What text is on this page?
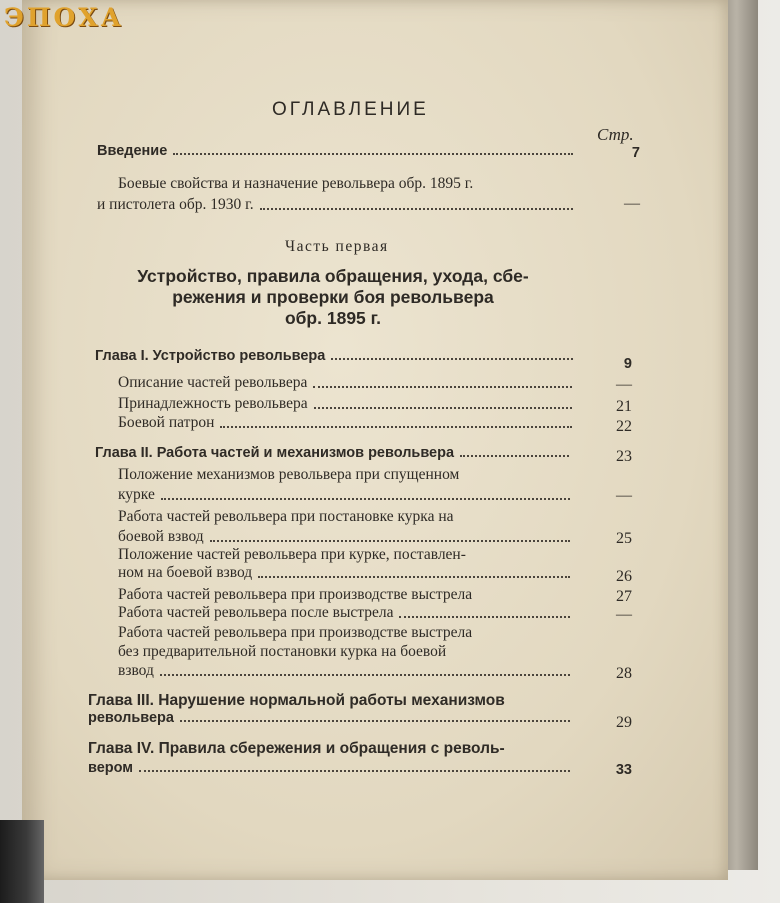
ЭПОХА
ОГЛАВЛЕНИЕ
Стр.
Введение	7
Боевые свойства и назначение револьвера обр. 1895 г.
и пистолета обр. 1930 г.	—
Часть первая
Устройство, правила обращения, ухода, сбе-
режения и проверки боя револьвера
обр. 1895 г.
Глава I. Устройство револьвера	9
Описание частей револьвера	—
Принадлежность револьвера	21
Боевой патрон	22
Глава II. Работа частей и механизмов револьвера	23
Положение механизмов револьвера при спущенном
курке	—
Работа частей револьвера при постановке курка на
боевой взвод	25
Положение частей револьвера при курке, поставлен-
ном на боевой взвод	26
Работа частей револьвера при производстве выстрела	27
Работа частей револьвера после выстрела	—
Работа частей револьвера при производстве выстрела
без предварительной постановки курка на боевой
взвод	28
Глава III. Нарушение нормальной работы механизмов
револьвера	29
Глава IV. Правила сбережения и обращения с револь-
вером	33
